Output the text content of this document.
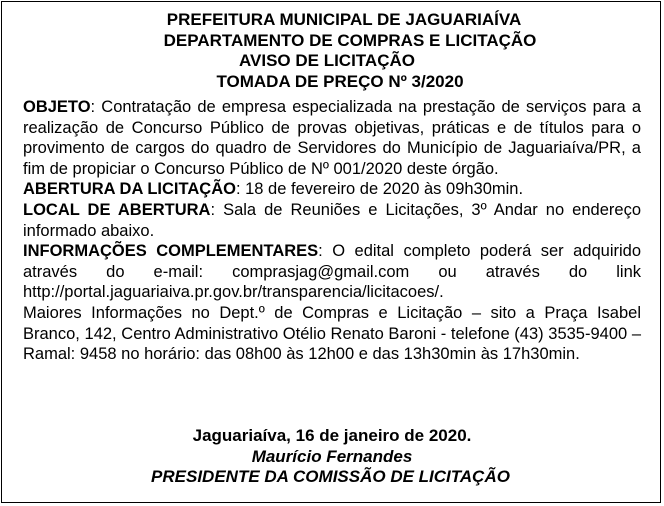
PREFEITURA MUNICIPAL DE JAGUARIAÍVA
DEPARTAMENTO DE COMPRAS E LICITAÇÃO
AVISO DE LICITAÇÃO
TOMADA DE PREÇO Nº 3/2020

OBJETO: Contratação de empresa especializada na prestação de serviços para a realização de Concurso Público de provas objetivas, práticas e de títulos para o provimento de cargos do quadro de Servidores do Município de Jaguariaíva/PR, a fim de propiciar o Concurso Público de Nº 001/2020 deste órgão.

ABERTURA DA LICITAÇÃO: 18 de fevereiro de 2020 às 09h30min.

LOCAL DE ABERTURA: Sala de Reuniões e Licitações, 3º Andar no endereço informado abaixo.

INFORMAÇÕES COMPLEMENTARES: O edital completo poderá ser adquirido através do e-mail: comprasjag@gmail.com ou através do link http://portal.jaguariaiva.pr.gov.br/transparencia/licitacoes/.

Maiores Informações no Dept.º de Compras e Licitação – sito a Praça Isabel Branco, 142, Centro Administrativo Otélio Renato Baroni - telefone (43) 3535-9400 – Ramal: 9458 no horário: das 08h00 às 12h00 e das 13h30min às 17h30min.

Jaguariaíva, 16 de janeiro de 2020.
Maurício Fernandes
PRESIDENTE DA COMISSÃO DE LICITAÇÃO
